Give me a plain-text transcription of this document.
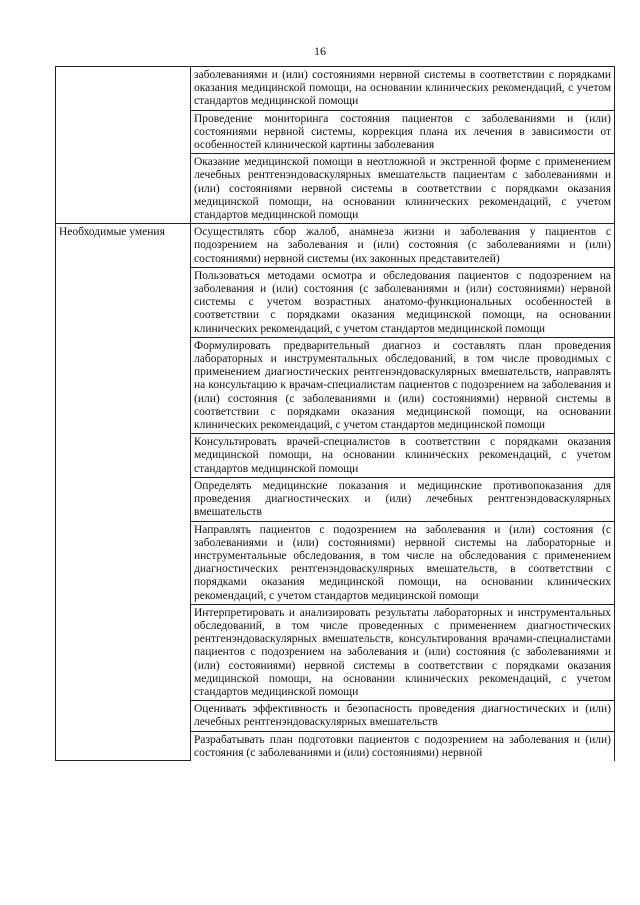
16
	заболеваниями и (или) состояниями нервной системы в соответствии с порядками оказания медицинской помощи, на основании клинических рекомендаций, с учетом стандартов медицинской помощи
	Проведение мониторинга состояния пациентов с заболеваниями и (или) состояниями нервной системы, коррекция плана их лечения в зависимости от особенностей клинической картины заболевания
	Оказание медицинской помощи в неотложной и экстренной форме с применением лечебных рентгенэндоваскулярных вмешательств пациентам с заболеваниями и (или) состояниями нервной системы в соответствии с порядками оказания медицинской помощи, на основании клинических рекомендаций, с учетом стандартов медицинской помощи
Необходимые умения	Осуществлять сбор жалоб, анамнеза жизни и заболевания у пациентов с подозрением на заболевания и (или) состояния (с заболеваниями и (или) состояниями) нервной системы (их законных представителей)
	Пользоваться методами осмотра и обследования пациентов с подозрением на заболевания и (или) состояния (с заболеваниями и (или) состояниями) нервной системы с учетом возрастных анатомо-функциональных особенностей в соответствии с порядками оказания медицинской помощи, на основании клинических рекомендаций, с учетом стандартов медицинской помощи
	Формулировать предварительный диагноз и составлять план проведения лабораторных и инструментальных обследований, в том числе проводимых с применением диагностических рентгенэндоваскулярных вмешательств, направлять на консультацию к врачам-специалистам пациентов с подозрением на заболевания и (или) состояния (с заболеваниями и (или) состояниями) нервной системы в соответствии с порядками оказания медицинской помощи, на основании клинических рекомендаций, с учетом стандартов медицинской помощи
	Консультировать врачей-специалистов в соответствии с порядками оказания медицинской помощи, на основании клинических рекомендаций, с учетом стандартов медицинской помощи
	Определять медицинские показания и медицинские противопоказания для проведения диагностических и (или) лечебных рентгенэндоваскулярных вмешательств
	Направлять пациентов с подозрением на заболевания и (или) состояния (с заболеваниями и (или) состояниями) нервной системы на лабораторные и инструментальные обследования, в том числе на обследования с применением диагностических рентгенэндоваскулярных вмешательств, в соответствии с порядками оказания медицинской помощи, на основании клинических рекомендаций, с учетом стандартов медицинской помощи
	Интерпретировать и анализировать результаты лабораторных и инструментальных обследований, в том числе проведенных с применением диагностических рентгенэндоваскулярных вмешательств, консультирования врачами-специалистами пациентов с подозрением на заболевания и (или) состояния (с заболеваниями и (или) состояниями) нервной системы в соответствии с порядками оказания медицинской помощи, на основании клинических рекомендаций, с учетом стандартов медицинской помощи
	Оценивать эффективность и безопасность проведения диагностических и (или) лечебных рентгенэндоваскулярных вмешательств
	Разрабатывать план подготовки пациентов с подозрением на заболевания и (или) состояния (с заболеваниями и (или) состояниями) нервной
